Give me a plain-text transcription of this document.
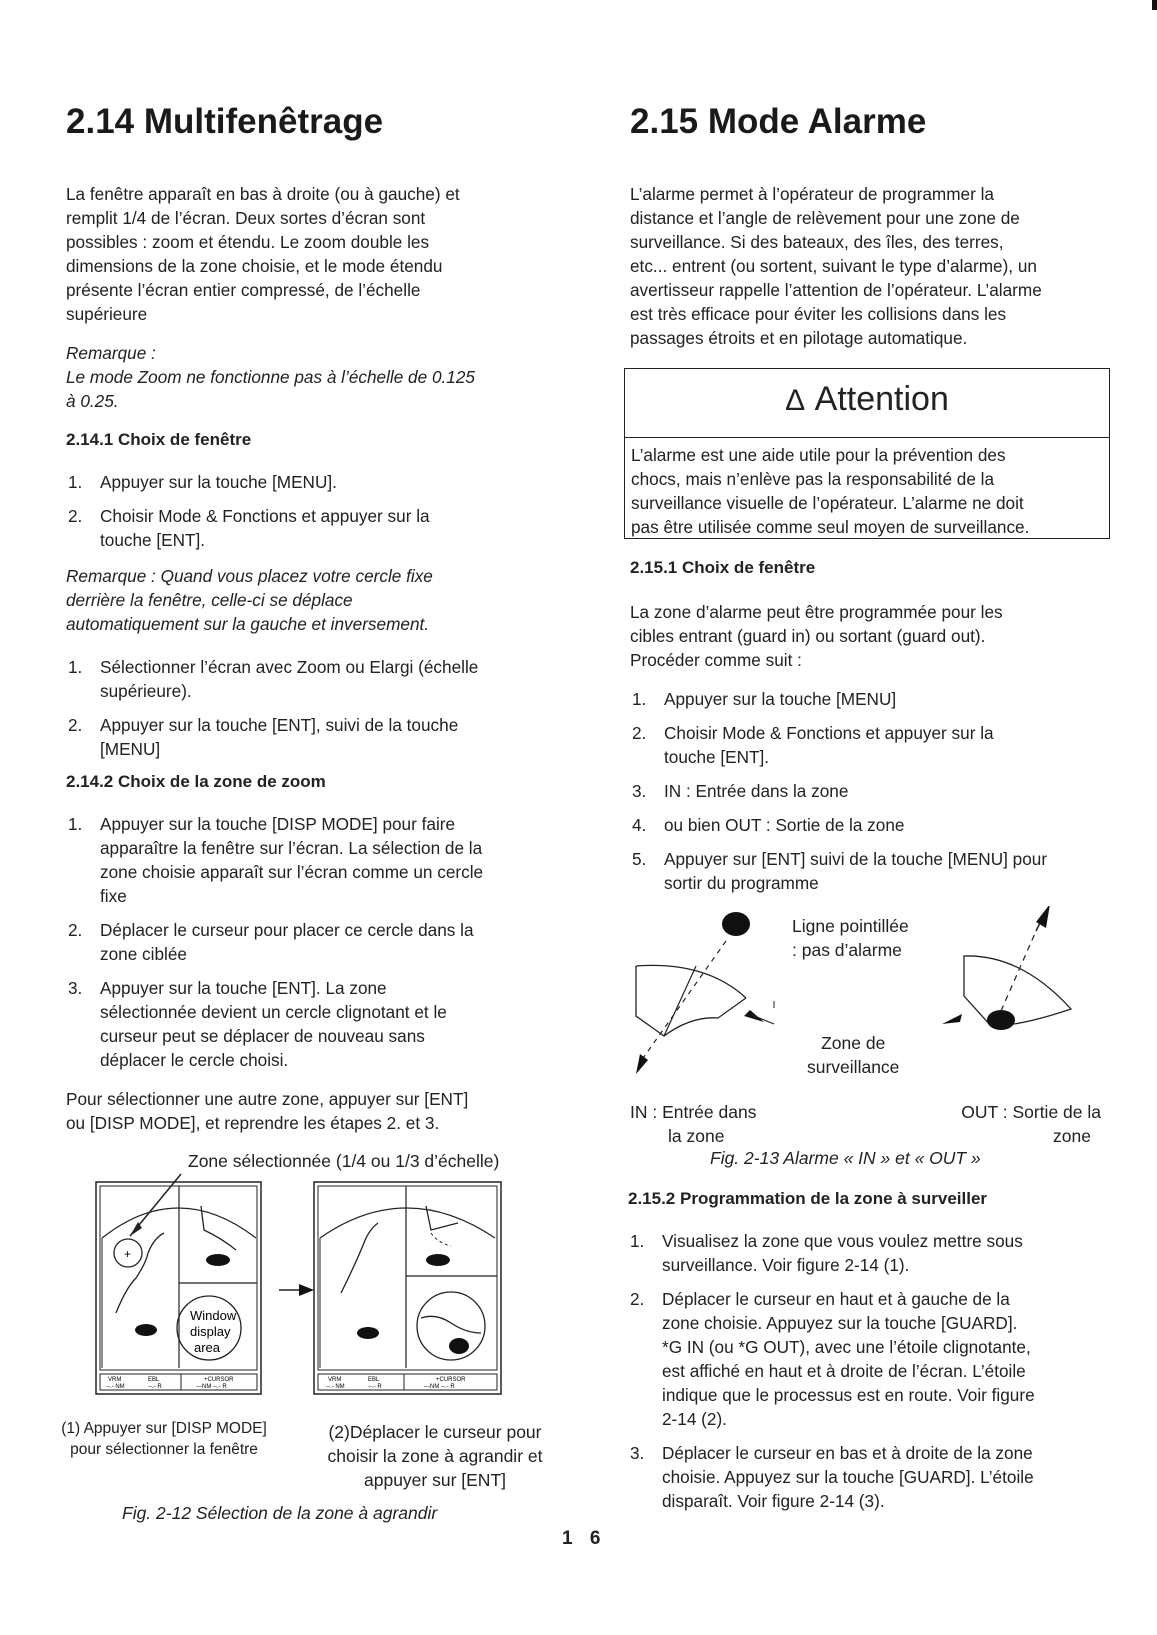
2.14 Multifenêtrage
La fenêtre apparaît en bas à droite (ou à gauche) et
remplit 1/4 de l’écran. Deux sortes d’écran sont
possibles : zoom et étendu. Le zoom double les
dimensions de la zone choisie, et le mode étendu
présente l’écran entier compressé, de l’échelle
supérieure
Remarque :
Le mode Zoom ne fonctionne pas à l’échelle de 0.125
à 0.25.
2.14.1 Choix de fenêtre
1. Appuyer sur la touche [MENU].
2. Choisir Mode & Fonctions et appuyer sur la
touche [ENT].
Remarque : Quand vous placez votre cercle fixe
derrière la fenêtre, celle-ci se déplace
automatiquement sur la gauche et inversement.
1. Sélectionner l’écran avec Zoom ou Elargi (échelle
supérieure).
2. Appuyer sur la touche [ENT], suivi de la touche
[MENU]
2.14.2 Choix de la zone de zoom
1. Appuyer sur la touche [DISP MODE] pour faire
apparaître la fenêtre sur l’écran. La sélection de la
zone choisie apparaît sur l’écran comme un cercle
fixe
2. Déplacer le curseur pour placer ce cercle dans la
zone ciblée
3. Appuyer sur la touche [ENT]. La zone
sélectionnée devient un cercle clignotant et le
curseur peut se déplacer de nouveau sans
déplacer le cercle choisi.
Pour sélectionner une autre zone, appuyer sur [ENT]
ou [DISP MODE], et reprendre les étapes 2. et 3.
Zone sélectionnée (1/4 ou 1/3 d’échelle)
+
Window
display
area
VRM	EBL	+CURSOR
--.- NM	--.- R	---NM --.- R
VRM	EBL	+CURSOR
--.- NM	--.- R	---NM --.- R
(1) Appuyer sur [DISP MODE]
pour sélectionner la fenêtre
(2)Déplacer le curseur pour
choisir la zone à agrandir et
appuyer sur [ENT]
Fig. 2-12 Sélection de la zone à agrandir
2.15 Mode Alarme
L’alarme permet à l’opérateur de programmer la
distance et l’angle de relèvement pour une zone de
surveillance. Si des bateaux, des îles, des terres,
etc... entrent (ou sortent, suivant le type d’alarme), un
avertisseur rappelle l’attention de l’opérateur. L’alarme
est très efficace pour éviter les collisions dans les
passages étroits et en pilotage automatique.
Δ Attention
L’alarme est une aide utile pour la prévention des
chocs, mais n’enlève pas la responsabilité de la
surveillance visuelle de l’opérateur. L’alarme ne doit
pas être utilisée comme seul moyen de surveillance.
2.15.1 Choix de fenêtre
La zone d’alarme peut être programmée pour les
cibles entrant (guard in) ou sortant (guard out).
Procéder comme suit :
1. Appuyer sur la touche [MENU]
2. Choisir Mode & Fonctions et appuyer sur la
touche [ENT].
3. IN : Entrée dans la zone
4. ou bien OUT : Sortie de la zone
5. Appuyer sur [ENT] suivi de la touche [MENU] pour
sortir du programme
Ligne pointillée
: pas d’alarme
Zone de
surveillance
IN : Entrée dans
la zone
OUT : Sortie de la
zone
Fig. 2-13 Alarme « IN » et « OUT »
2.15.2 Programmation de la zone à surveiller
1. Visualisez la zone que vous voulez mettre sous
surveillance. Voir figure 2-14 (1).
2. Déplacer le curseur en haut et à gauche de la
zone choisie. Appuyez sur la touche [GUARD].
*G IN (ou *G OUT), avec une l’étoile clignotante,
est affiché en haut et à droite de l’écran. L’étoile
indique que le processus est en route. Voir figure
2-14 (2).
3. Déplacer le curseur en bas et à droite de la zone
choisie. Appuyez sur la touche [GUARD]. L’étoile
disparaît. Voir figure 2-14 (3).
1 6
